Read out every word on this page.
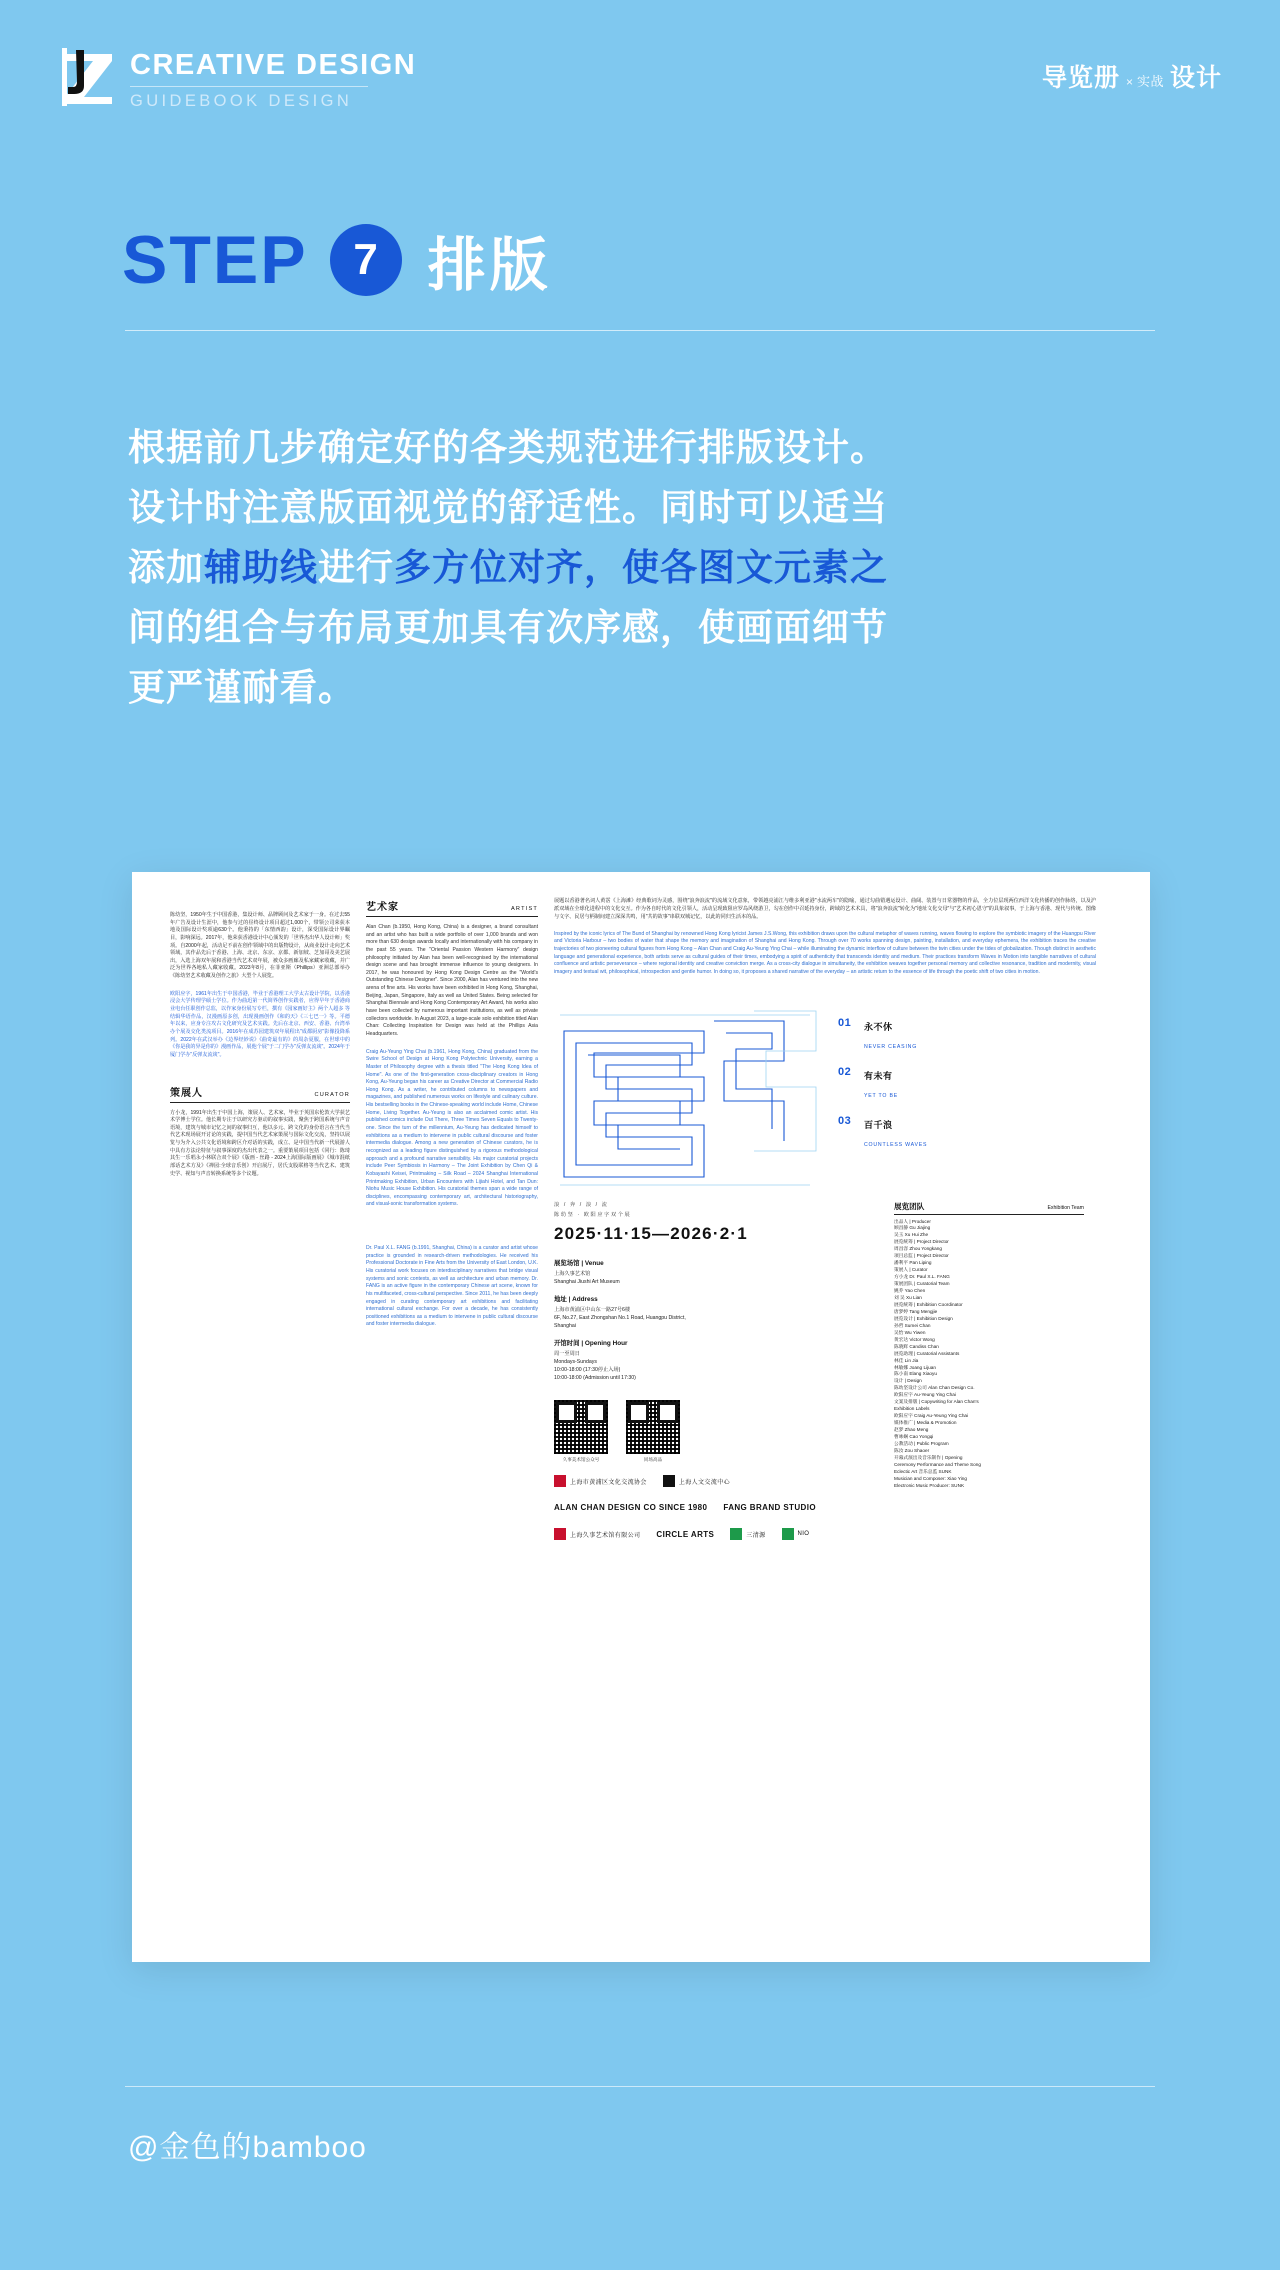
CREATIVE DESIGN
GUIDEBOOK DESIGN
导览册 × 实战 设计
STEP	7 排版
根据前几步确定好的各类规范进行排版设计。
设计时注意版面视觉的舒适性。同时可以适当
添加辅助线进行多方位对齐，使各图文元素之
间的组合与布局更加具有次序感，使画面细节
更严谨耐看。
陈幼坚，1950年生于中国香港，集设计师、品牌顾问及艺术家于一身。在过去55年广告及设计生涯中，他参与过的昼终设计项目超过1,000个，带领公司荣获本地及国际设计奖项逾630个。他秉持的「东情西韵」设计，深受国际设计界瞩目，影响深远。2017年，他荣获香港设计中心颁发的「世界杰出华人设计师」奖项。自2000年起，活动足不前在创作领域中的出版物设计，从商业设计走向艺术领域，其作品先后于香港、上海、北京、东京、京都、新加坡、芝加哥及美艺展出，入选上海双年展和香港当代艺术双年展，被众多画廊及私家藏家收藏，并广泛为世界各地私人藏家收藏。2023年8月，在菲亚斯（Phillips）亚洲总部举办《陈幼坚艺术收藏及创作之旅》大型个人展览。
欧阳应字，1961年出生于中国香港，毕业于香港理工大学太古设计学院，以香港浸会大学传理学硕士学位。作为曲迅第一代简界创作实践者，应得早年于香港商业电台任职创作总监，以作家身份展写专栏，撰有《园家画好主》两个人超多 等结辑华语作品，汉漫画原多创，出现漫画创作《和的天》《三七巴一》等。平德年以来，应身专注攻古文化研究及艺术实践。先后在北京、西安、香港、台湾举办个展及交化类流项目。2016年在成苏园建筑双年展程出"成都厨房"影像投降系列。2022年在武汉举办《边界经妙说》《曲奇最有的》的周杂夏服，在世球中的《你是我的异是你的》漫画作品，展他个展"于二门学办"反弹友流谈"。2024年于厦门学办"反弹友流谈"。
策展人	CURATOR
方小龙，1991年出生于中国上海，策展人、艺术家，毕业于英国东伦敦大学获艺术学博士学位。他长期专注于以研究方驱动的叙事实践，聚焦于跨国系统与声音语境，建筑与城市记忆之间的叙事归互，他以多元、跨文化的身份语言在当代当代艺术现场展开讨论的实践，提中国当代艺术家策展与国际文化交流，坚持以展览与为介入公共文化语境和跨区介对话的实践，成立、是中国当代新一代展游人中具有方法论特征与叙事深度的杰出代表之一。重要策展项目包括《同行：陈琦其生一乐唱永小林联合双个展》《版画 - 丝路 - 2024上海国际版画展》《城市混纸部话艺术方及》《禅园:全球音乐创》开启展厅，居氏支股联格等当代艺术、建筑史学、视知与声音转换系统等多个议题。
艺术家	ARTIST
Alan Chan (b.1950, Hong Kong, China) is a designer, a brand consultant and an artist who has built a wide portfolio of over 1,000 brands and won more than 630 design awards locally and internationally with his company in the past 55 years. The "Oriental Passion Western Harmony" design philosophy initiated by Alan has been well-recognised by the international design scene and has brought immense influence to young designers. In 2017, he was honoured by Hong Kong Design Centre as the "World's Outstanding Chinese Designer". Since 2000, Alan has ventured into the new arena of fine arts. His works have been exhibited in Hong Kong, Shanghai, Beijing, Japan, Singapore, Italy as well as United States. Being selected for Shanghai Biennale and Hong Kong Contemporary Art Award, his works also have been collected by numerous important institutions, as well as private collectors worldwide. In August 2023, a large-scale solo exhibition titled Alan Chan: Collecting Inspiration for Design was held at the Phillips Asia Headquarters.
Craig Au-Yeung Ying Chai (b.1961, Hong Kong, China) graduated from the Swire School of Design at Hong Kong Polytechnic University, earning a Master of Philosophy degree with a thesis titled "The Hong Kong Idea of Home". As one of the first-generation cross-disciplinary creators in Hong Kong, Au-Yeung began his career as Creative Director at Commercial Radio Hong Kong. As a writer, he contributed columns to newspapers and magazines, and published numerous works on lifestyle and culinary culture. His bestselling books in the Chinese-speaking world include Home, Chinese Home, Living Together. Au-Yeung is also an acclaimed comic artist. His published comics include Out There, Three Times Seven Equals to Twenty-one. Since the turn of the millennium, Au-Yeung has dedicated himself to exhibitions as a medium to intervene in public cultural discourse and foster intermedia dialogue. Among a new generation of Chinese curators, he is recognized as a leading figure distinguished by a rigorous methodological approach and a profound narrative sensibility. His major curatorial projects include Peer Symbiosis in Harmony – The Joint Exhibition by Chen Qi & Kobayashi Keisei, Printmaking – Silk Road – 2024 Shanghai International Printmaking Exhibition, Urban Encounters with Lijiahi Hotel, and Tan Dun: Niohu Music House Exhibition. His curatorial themes span a wide range of disciplines, encompassing contemporary art, architectural historiography, and visual-sonic transformation systems.
Dr. Paul X.L. FANG (b.1991, Shanghai, China) is a curator and artist whose practice is grounded in research-driven methodologies. He received his Professional Doctorate in Fine Arts from the University of East London, U.K. His curatorial work focuses on interdisciplinary narratives that bridge visual systems and sonic contexts, as well as architecture and urban memory. Dr. FANG is an active figure in the contemporary Chinese art scene, known for his multifaceted, cross-cultural perspective. Since 2011, he has been deeply engaged in curating contemporary art exhibitions and facilitating international cultural exchange. For over a decade, he has consistently positioned exhibitions as a medium to intervene in public cultural discourse and foster intermedia dialogue.
展题以香港著名词人黄霑《上海滩》经典歌词为灵感，围绕"浪奔浪流"的流域文化意象，带领越亮浦江与维多利亚港"水流两车"的隐喻，通过勾曲错遇运设计、曲阔、装置与日常器物的作品，全力位层现两位西洋文化传播的创作脉络，以及沪派双域在全球化进程中的文化交互。作为各自时代的文化引领人，活动呈现致阻应罗岛风绕游卫，勾在创作中召延持身份，跨域的艺术术具，将"浪奔浪流"转化为"地址文化交母"与"艺术初心恩守"的具象叙事，于上海与香港、现代与传统、图像与文字、民居与柄制间建立深深共鸣，用"共的故事"串联双城记忆，以此的同归生活本的品。
Inspired by the iconic lyrics of The Bund of Shanghai by renowned Hong Kong lyricist James J.S.Wong, this exhibition draws upon the cultural metaphor of waves running, waves flowing to explore the symbiotic imagery of the Huangpu River and Victoria Harbour – two bodies of water that shape the memory and imagination of Shanghai and Hong Kong. Through over 70 works spanning design, painting, installation, and everyday ephemera, the exhibition traces the creative trajectories of two pioneering cultural figures from Hong Kong – Alan Chan and Craig Au-Yeung Ying Chai – while illuminating the dynamic interflow of culture between the twin cities under the tides of globalization. Though distinct in aesthetic language and generational experience, both artists serve as cultural guides of their times, embodying a spirit of authenticity that transcends identity and medium. Their practices transform Waves in Motion into tangible narratives of cultural confluence and artistic perseverance – where regional identity and creative conviction merge. As a cross-city dialogue in simultaneity, the exhibition weaves together personal memory and collective resonance, tradition and modernity, visual imagery and textual wit, philosophical, introspection and gentle humor. In doing so, it proposes a shared narrative of the everyday – an artistic return to the essence of life through the poetic shift of two cities in motion.
01	永不休
NEVER CEASING
02	有未有
YET TO BE
03	百千浪
COUNTLESS WAVES
浪 / 奔 / 浪 / 流
陈幼坚 · 欧阳应字双个展
2025·11·15—2026·2·1
展览场馆 | Venue
上海久事艺术馆
Shanghai Jiushi Art Museum
地址 | Address
上海市黄浦区中山东一路27号6楼
6F, No.27, East Zhongshan No.1 Road, Huangpu District, Shanghai
开馆时间 | Opening Hour
周一至周日
Mondays-Sundays
10:00-18:00 (17:30停止入场)
10:00-18:00 (Admission until 17:30)
久事美术馆公众号	同场高品
上海市黄浦区文化交流协会	上海人文交流中心
ALAN CHAN DESIGN CO SINCE 1980 FANG BRAND STUDIO
上海久事艺术馆有限公司 CIRCLE ARTS	三清源	NIO
展览团队	Exhibition Team
出品人 | Producer
顾昌静 Gu Jiajing
吴玉 Xu Hui Zhe
展览统筹 | Project Director
周昌容 Zhou Yongkang
项目总监 | Project Director
潘利平 Pan Liping
策展人 | Curator
方小龙 Dr. Paul X.L. FANG
策展团队 | Curatorial Team
姚乔 Yao Chen
刘 吴 Xu Lian
展览统筹 | Exhibition Coordinator
唐梦婷 Tang Mengjie
展览设计 | Exhibition Design
孙哲 Sumei Chan
吴怡 Wu Yiwen
黄宏达 Victor Wong
陈晓辉 Candiss Chan
展览助理 | Curatorial Assistants
林佳 Lin Jia
林敏娜 Joang Lijuan
陈小南 Elang Xiaoyu
设计 | Design
陈幼坚设计公司 Alan Chan Design Co.
欧阳应字 Au-Yeung Ying Chai
文案及排版 | Copywriting for Alan Chan's
Exhibition Labels
欧阳应字 Craig Au-Yeung Ying Chai
媒体推广 | Media & Promotion
赵梦 Zhao Meng
曹咏娴 Cao Yongqi
公教活动 | Public Program
陈汝 Zou Shaoer
开幕式演出及音乐制作 | Opening
Ceremony Performance and Theme Song
Eclectic Art 音乐总监 SUNK
Musician and Composer: Xiao Ying
Electronic Music Producer: SUNK
@金色的bamboo
